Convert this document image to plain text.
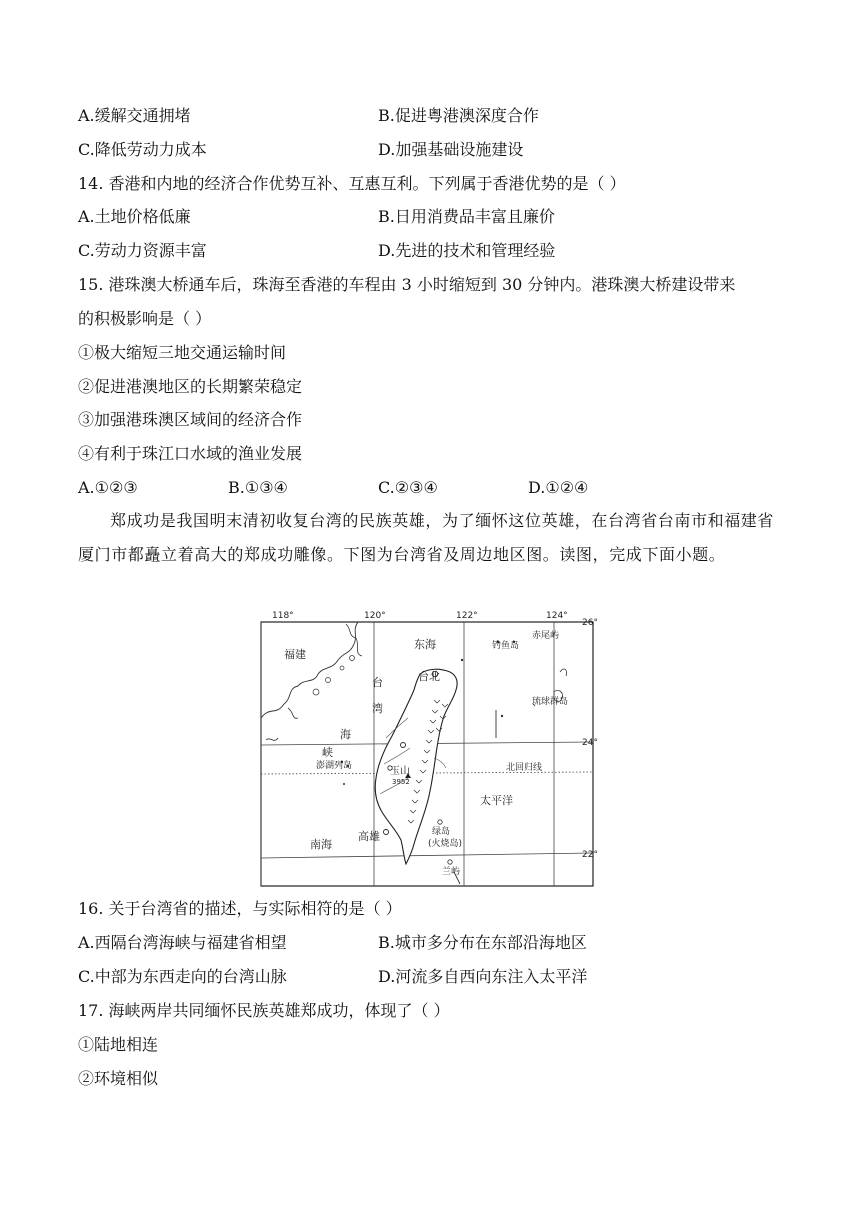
A.缓解交通拥堵	B.促进粤港澳深度合作
C.降低劳动力成本	D.加强基础设施建设
14. 香港和内地的经济合作优势互补、互惠互利。下列属于香港优势的是（ ）
A.土地价格低廉	B.日用消费品丰富且廉价
C.劳动力资源丰富	D.先进的技术和管理经验
15. 港珠澳大桥通车后，珠海至香港的车程由 3 小时缩短到 30 分钟内。港珠澳大桥建设带来
的积极影响是（ ）
①极大缩短三地交通运输时间
②促进港澳地区的长期繁荣稳定
③加强港珠澳区域间的经济合作
④有利于珠江口水域的渔业发展
A.①②③	B.①③④	C.②③④	D.①②④
郑成功是我国明末清初收复台湾的民族英雄，为了缅怀这位英雄，在台湾省台南市和福建省厦门市都矗立着高大的郑成功雕像。下图为台湾省及周边地区图。读图，完成下面小题。
118°	120°	122°	124°
26°
24°
22°
福建
东海	钓鱼岛
赤尾屿
台北
台
湾
海
峡
琉球群岛
澎湖列岛	玉山
3952
北回归线
太平洋
南海
高雄	绿岛
(火烧岛)
兰屿
16. 关于台湾省的描述，与实际相符的是（ ）
A.西隔台湾海峡与福建省相望	B.城市多分布在东部沿海地区
C.中部为东西走向的台湾山脉	D.河流多自西向东注入太平洋
17. 海峡两岸共同缅怀民族英雄郑成功，体现了（ ）
①陆地相连
②环境相似
